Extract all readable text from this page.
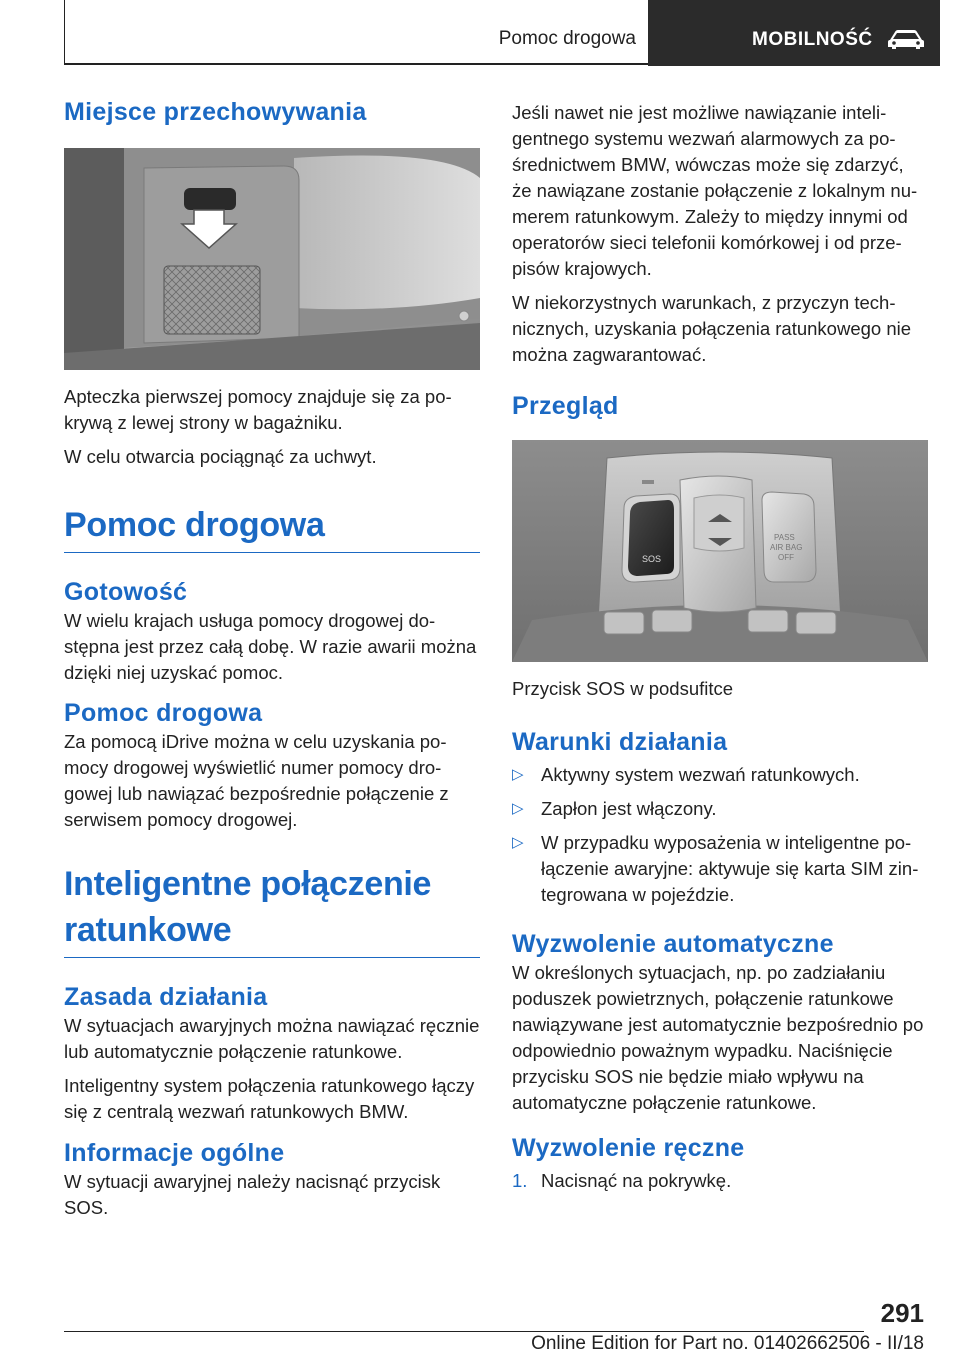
Pomoc drogowa	MOBILNOŚĆ
Miejsce przechowywania

Apteczka pierwszej pomocy znajduje się za pokrywą z lewej strony w bagażniku.

W celu otwarcia pociągnąć za uchwyt.

Pomoc drogowa
Gotowość

W wielu krajach usługa pomocy drogowej dostępna jest przez całą dobę. W razie awarii można dzięki niej uzyskać pomoc.

Pomoc drogowa

Za pomocą iDrive można w celu uzyskania pomocy drogowej wyświetlić numer pomocy drogowej lub nawiązać bezpośrednie połączenie z serwisem pomocy drogowej.

Inteligentne połączenie ratunkowe
Zasada działania

W sytuacjach awaryjnych można nawiązać ręcznie lub automatycznie połączenie ratunkowe.

Inteligentny system połączenia ratunkowego łączy się z centralą wezwań ratunkowych BMW.

Informacje ogólne

W sytuacji awaryjnej należy nacisnąć przycisk SOS.

Jeśli nawet nie jest możliwe nawiązanie inteligentnego systemu wezwań alarmowych za pośrednictwem BMW, wówczas może się zdarzyć, że nawiązane zostanie połączenie z lokalnym numerem ratunkowym. Zależy to między innymi od operatorów sieci telefonii komórkowej i od przepisów krajowych.

W niekorzystnych warunkach, z przyczyn technicznych, uzyskania połączenia ratunkowego nie można zagwarantować.

Przegląd
SOS
PASS
AIR BAG
OFF

Przycisk SOS w podsufitce

Warunki działania
▷ Aktywny system wezwań ratunkowych.
▷ Zapłon jest włączony.
▷ W przypadku wyposażenia w inteligentne połączenie awaryjne: aktywuje się karta SIM zintegrowana w pojeździe.
Wyzwolenie automatyczne

W określonych sytuacjach, np. po zadziałaniu poduszek powietrznych, połączenie ratunkowe nawiązywane jest automatycznie bezpośrednio po odpowiednio poważnym wypadku. Naciśnięcie przycisku SOS nie będzie miało wpływu na automatyczne połączenie ratunkowe.

Wyzwolenie ręczne
1. Nacisnąć na pokrywkę.
291
Online Edition for Part no. 01402662506 - II/18
